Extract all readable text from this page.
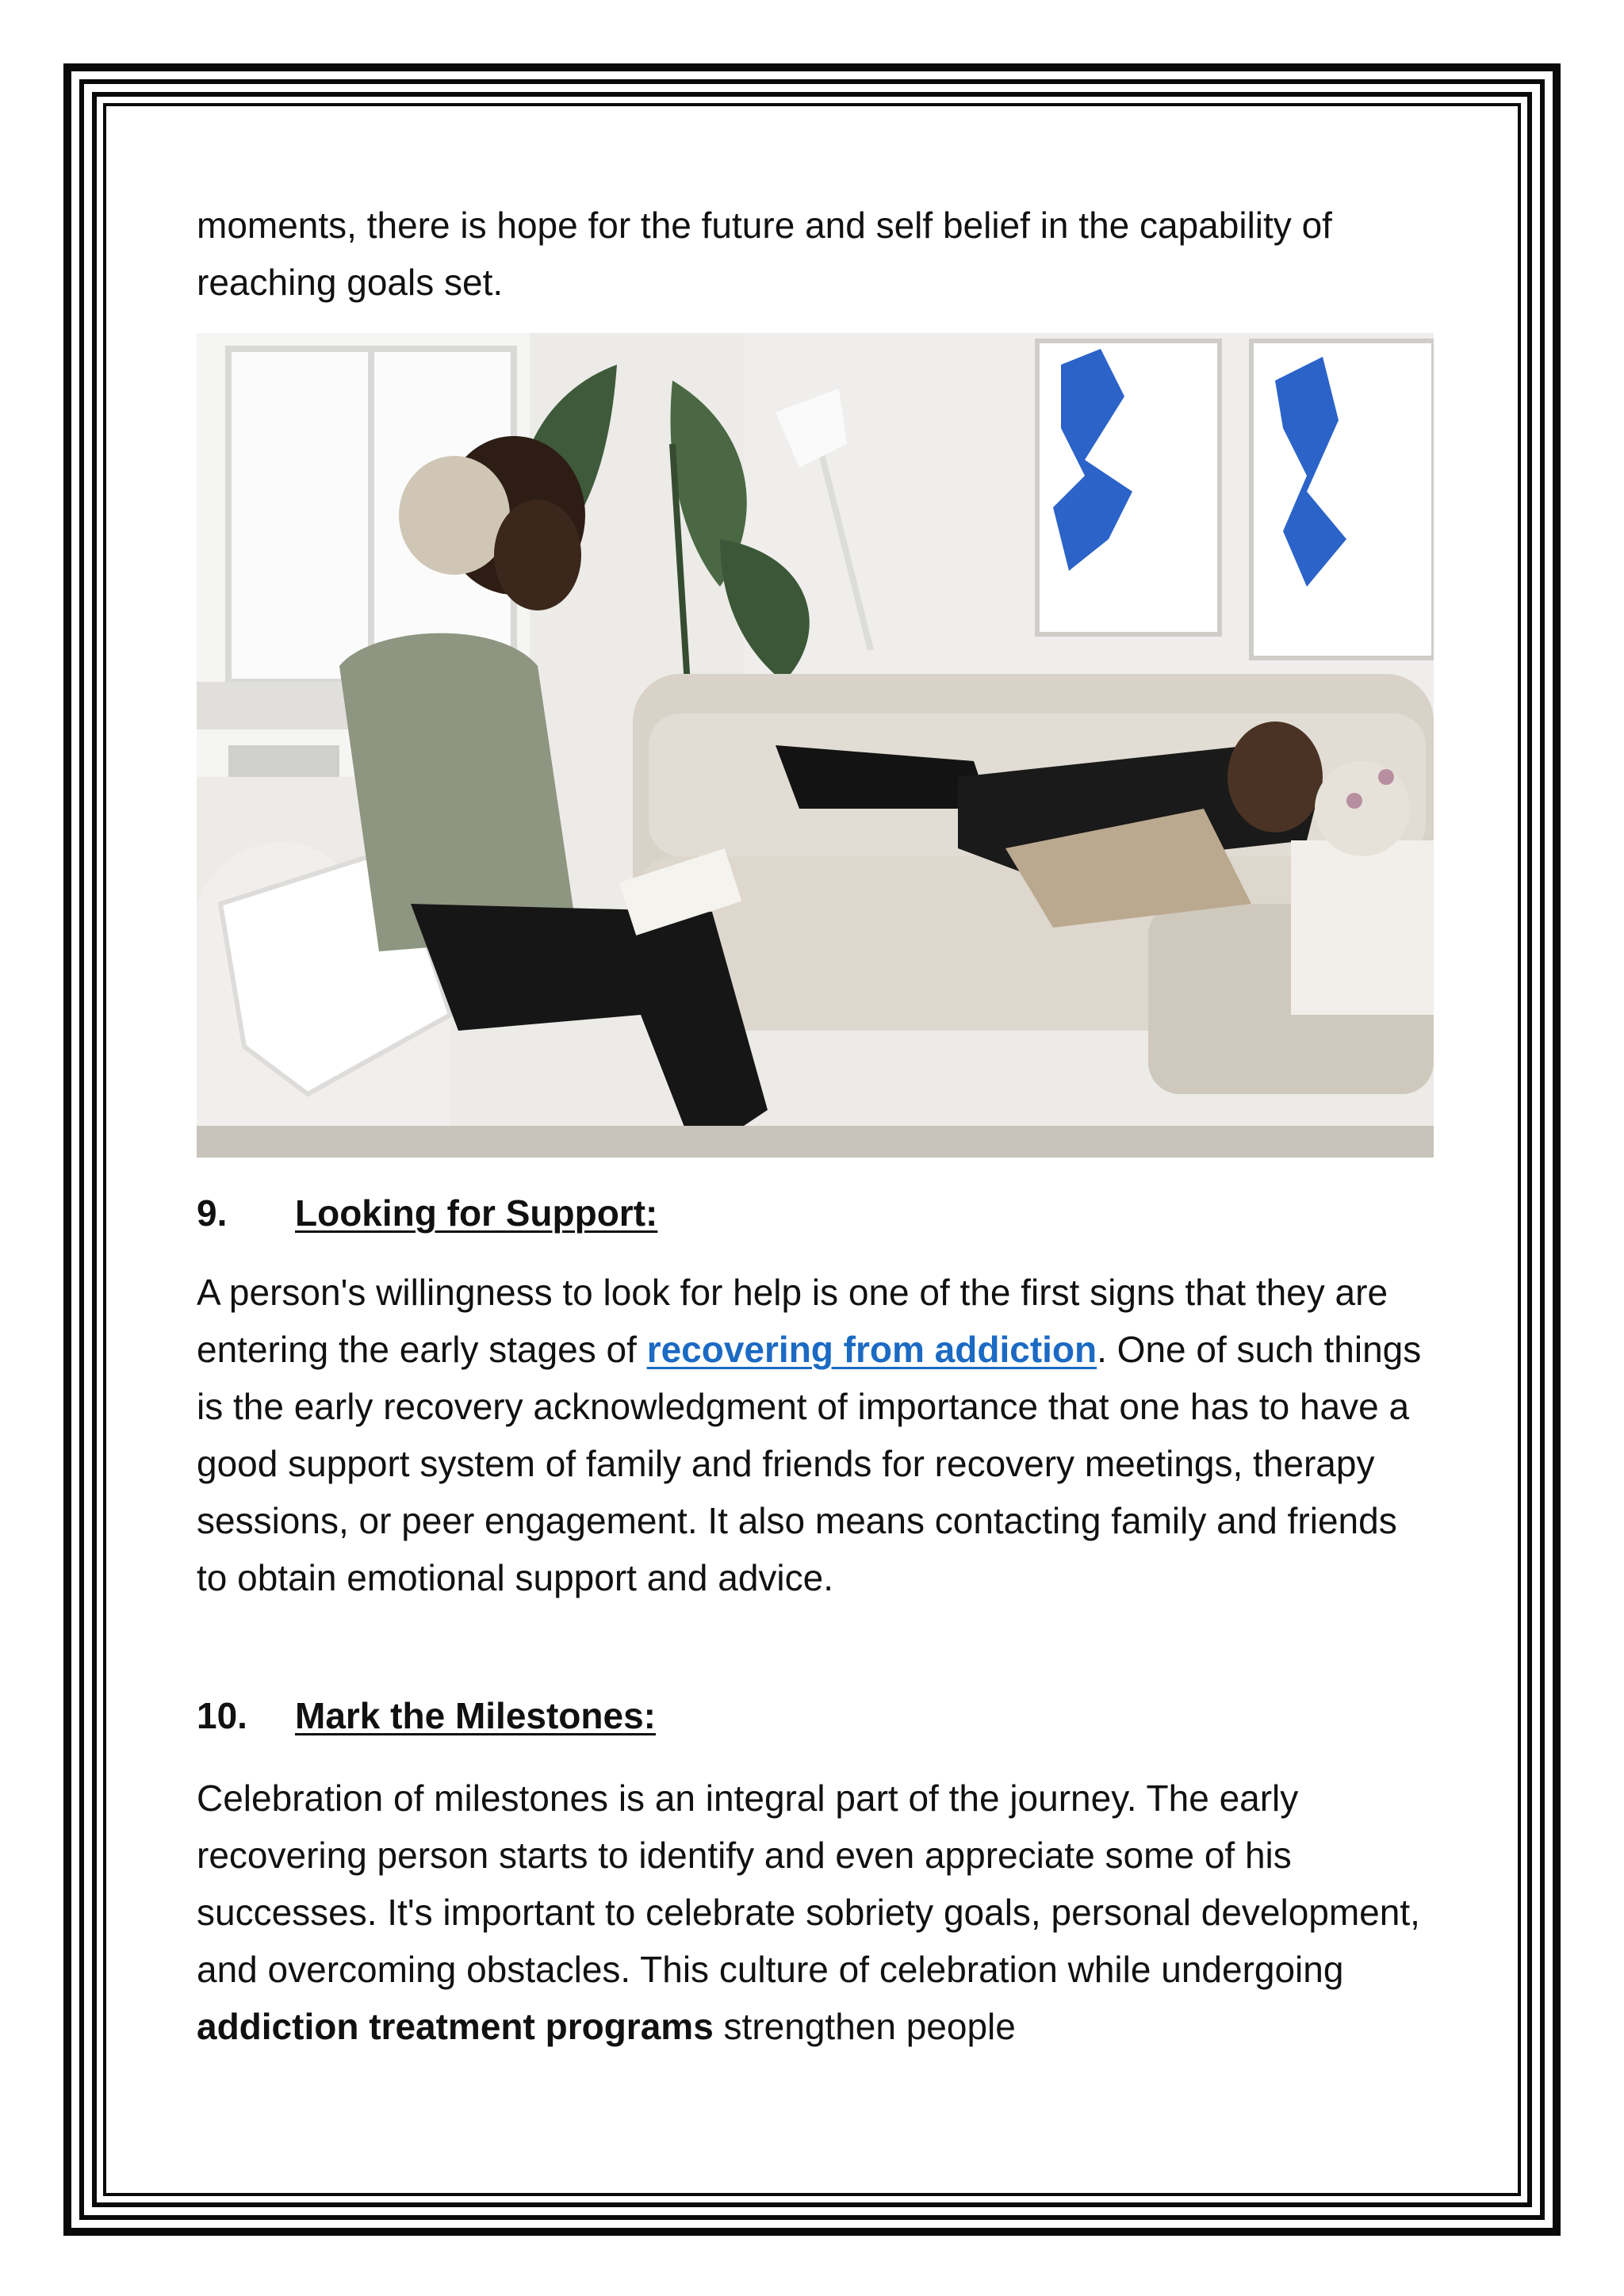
moments, there is hope for the future and self belief in the capability of reaching goals set.

9. Looking for Support:

A person's willingness to look for help is one of the first signs that they are entering the early stages of recovering from addiction. One of such things is the early recovery acknowledgment of importance that one has to have a good support system of family and friends for recovery meetings, therapy sessions, or peer engagement. It also means contacting family and friends to obtain emotional support and advice.

10. Mark the Milestones:

Celebration of milestones is an integral part of the journey. The early recovering person starts to identify and even appreciate some of his successes. It's important to celebrate sobriety goals, personal development, and overcoming obstacles. This culture of celebration while undergoing addiction treatment programs strengthen people
